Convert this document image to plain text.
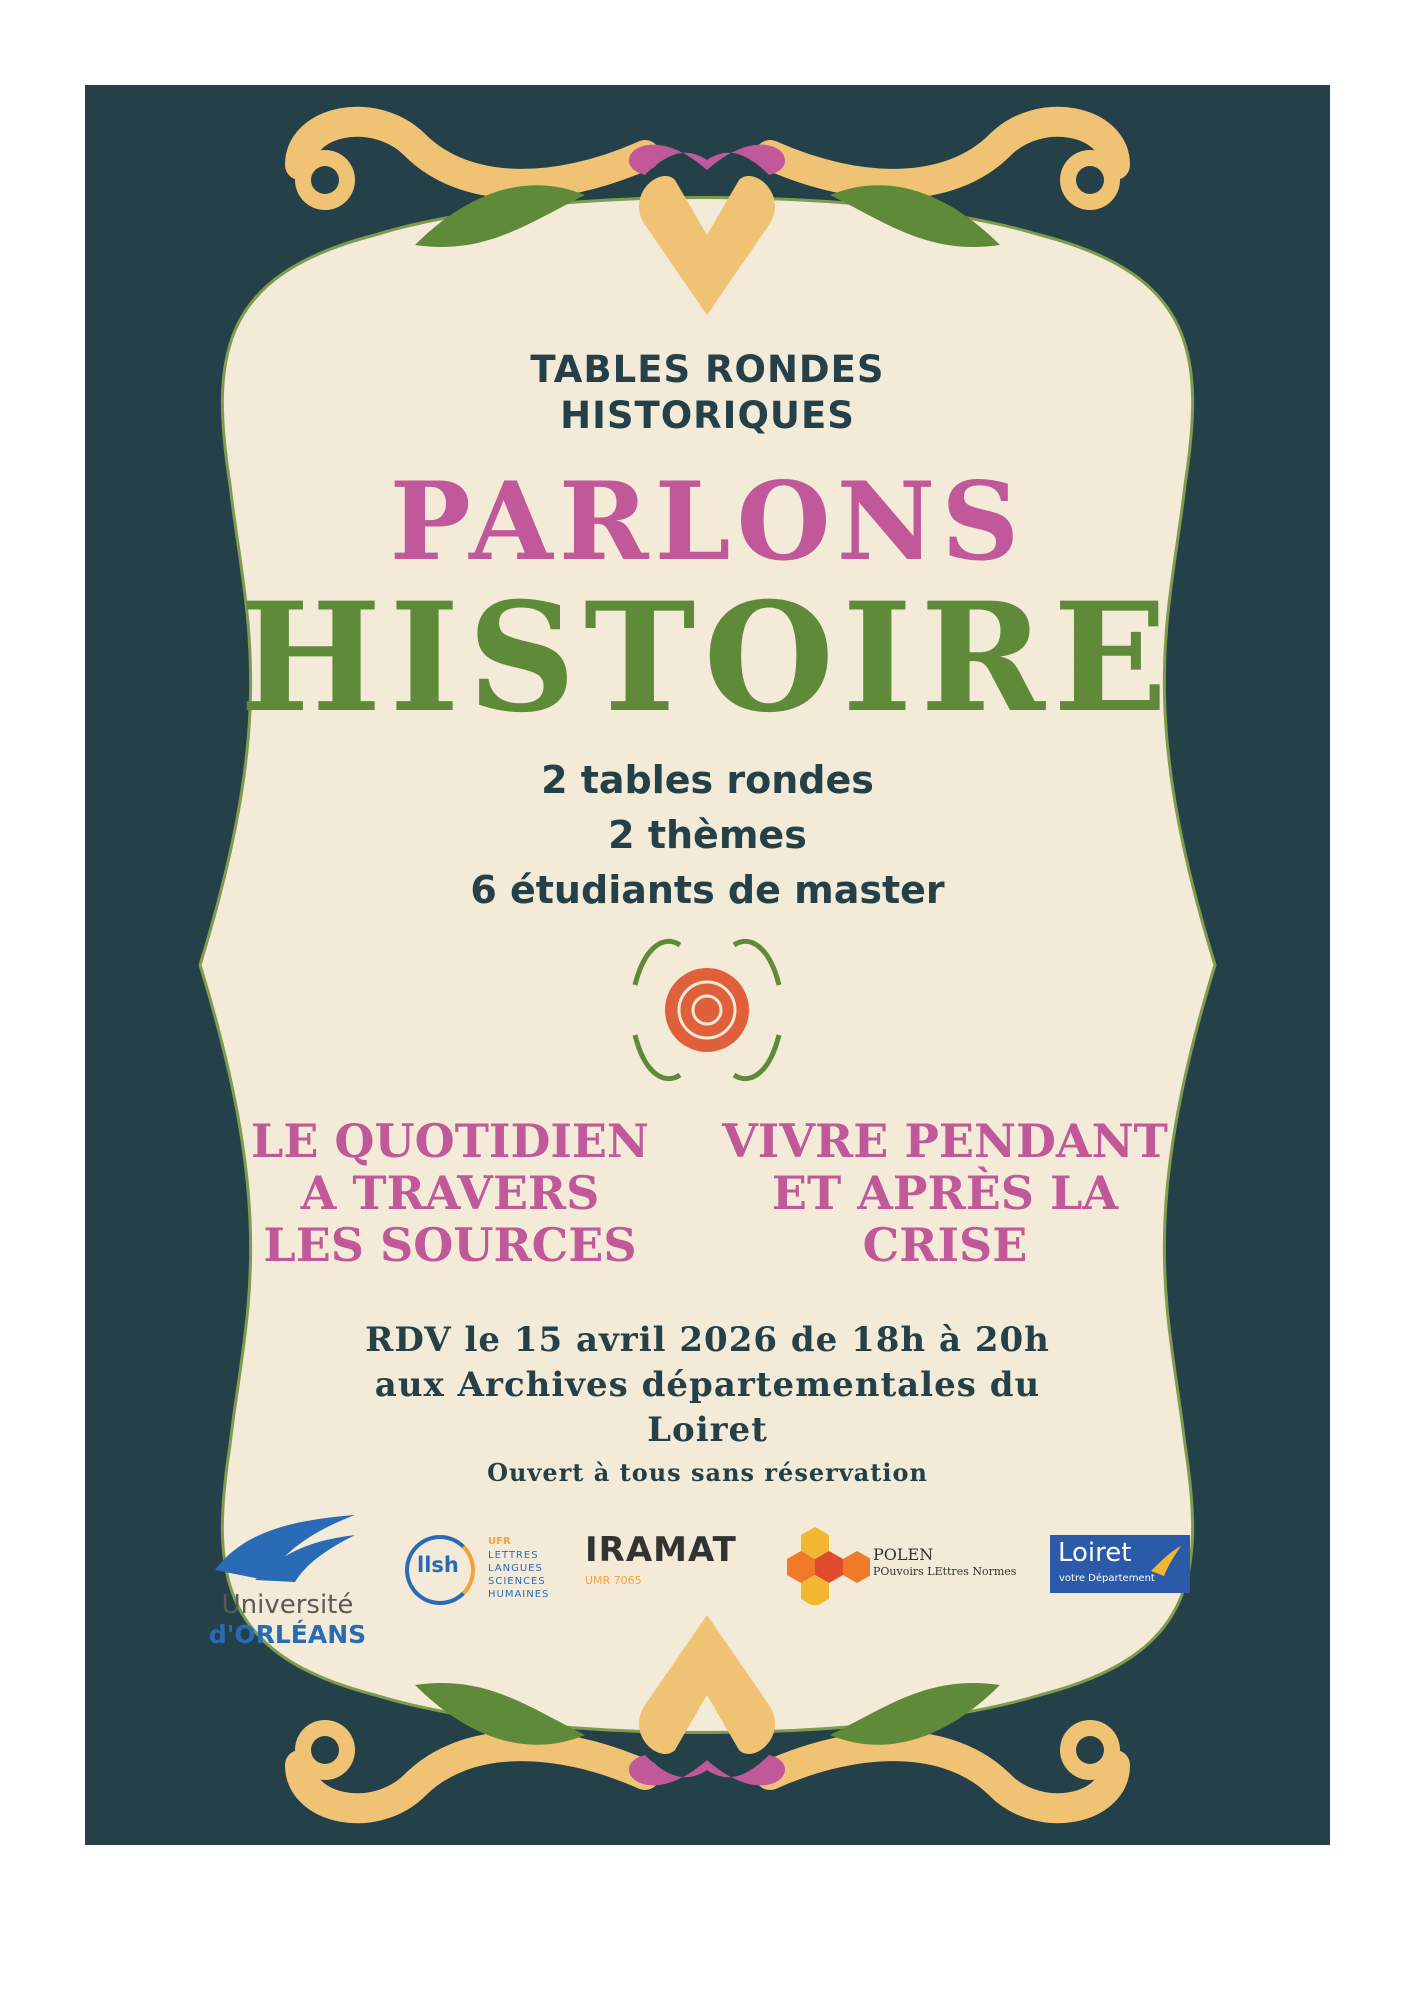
TABLES RONDES
HISTORIQUES
PARLONS
HISTOIRE
2 tables rondes
2 thèmes
6 étudiants de master
LE QUOTIDIEN
A TRAVERS
LES SOURCES
VIVRE PENDANT
ET APRÈS LA
CRISE
RDV le 15 avril 2026 de 18h à 20h
aux Archives départementales du
Loiret
Ouvert à tous sans réservation
Université
d'ORLÉANS
llsh
UFR
LETTRES
LANGUES
SCIENCES
HUMAINES
IRAMAT
UMR 7065
POLEN
POuvoirs LEttres Normes
Loiret
votre Département
